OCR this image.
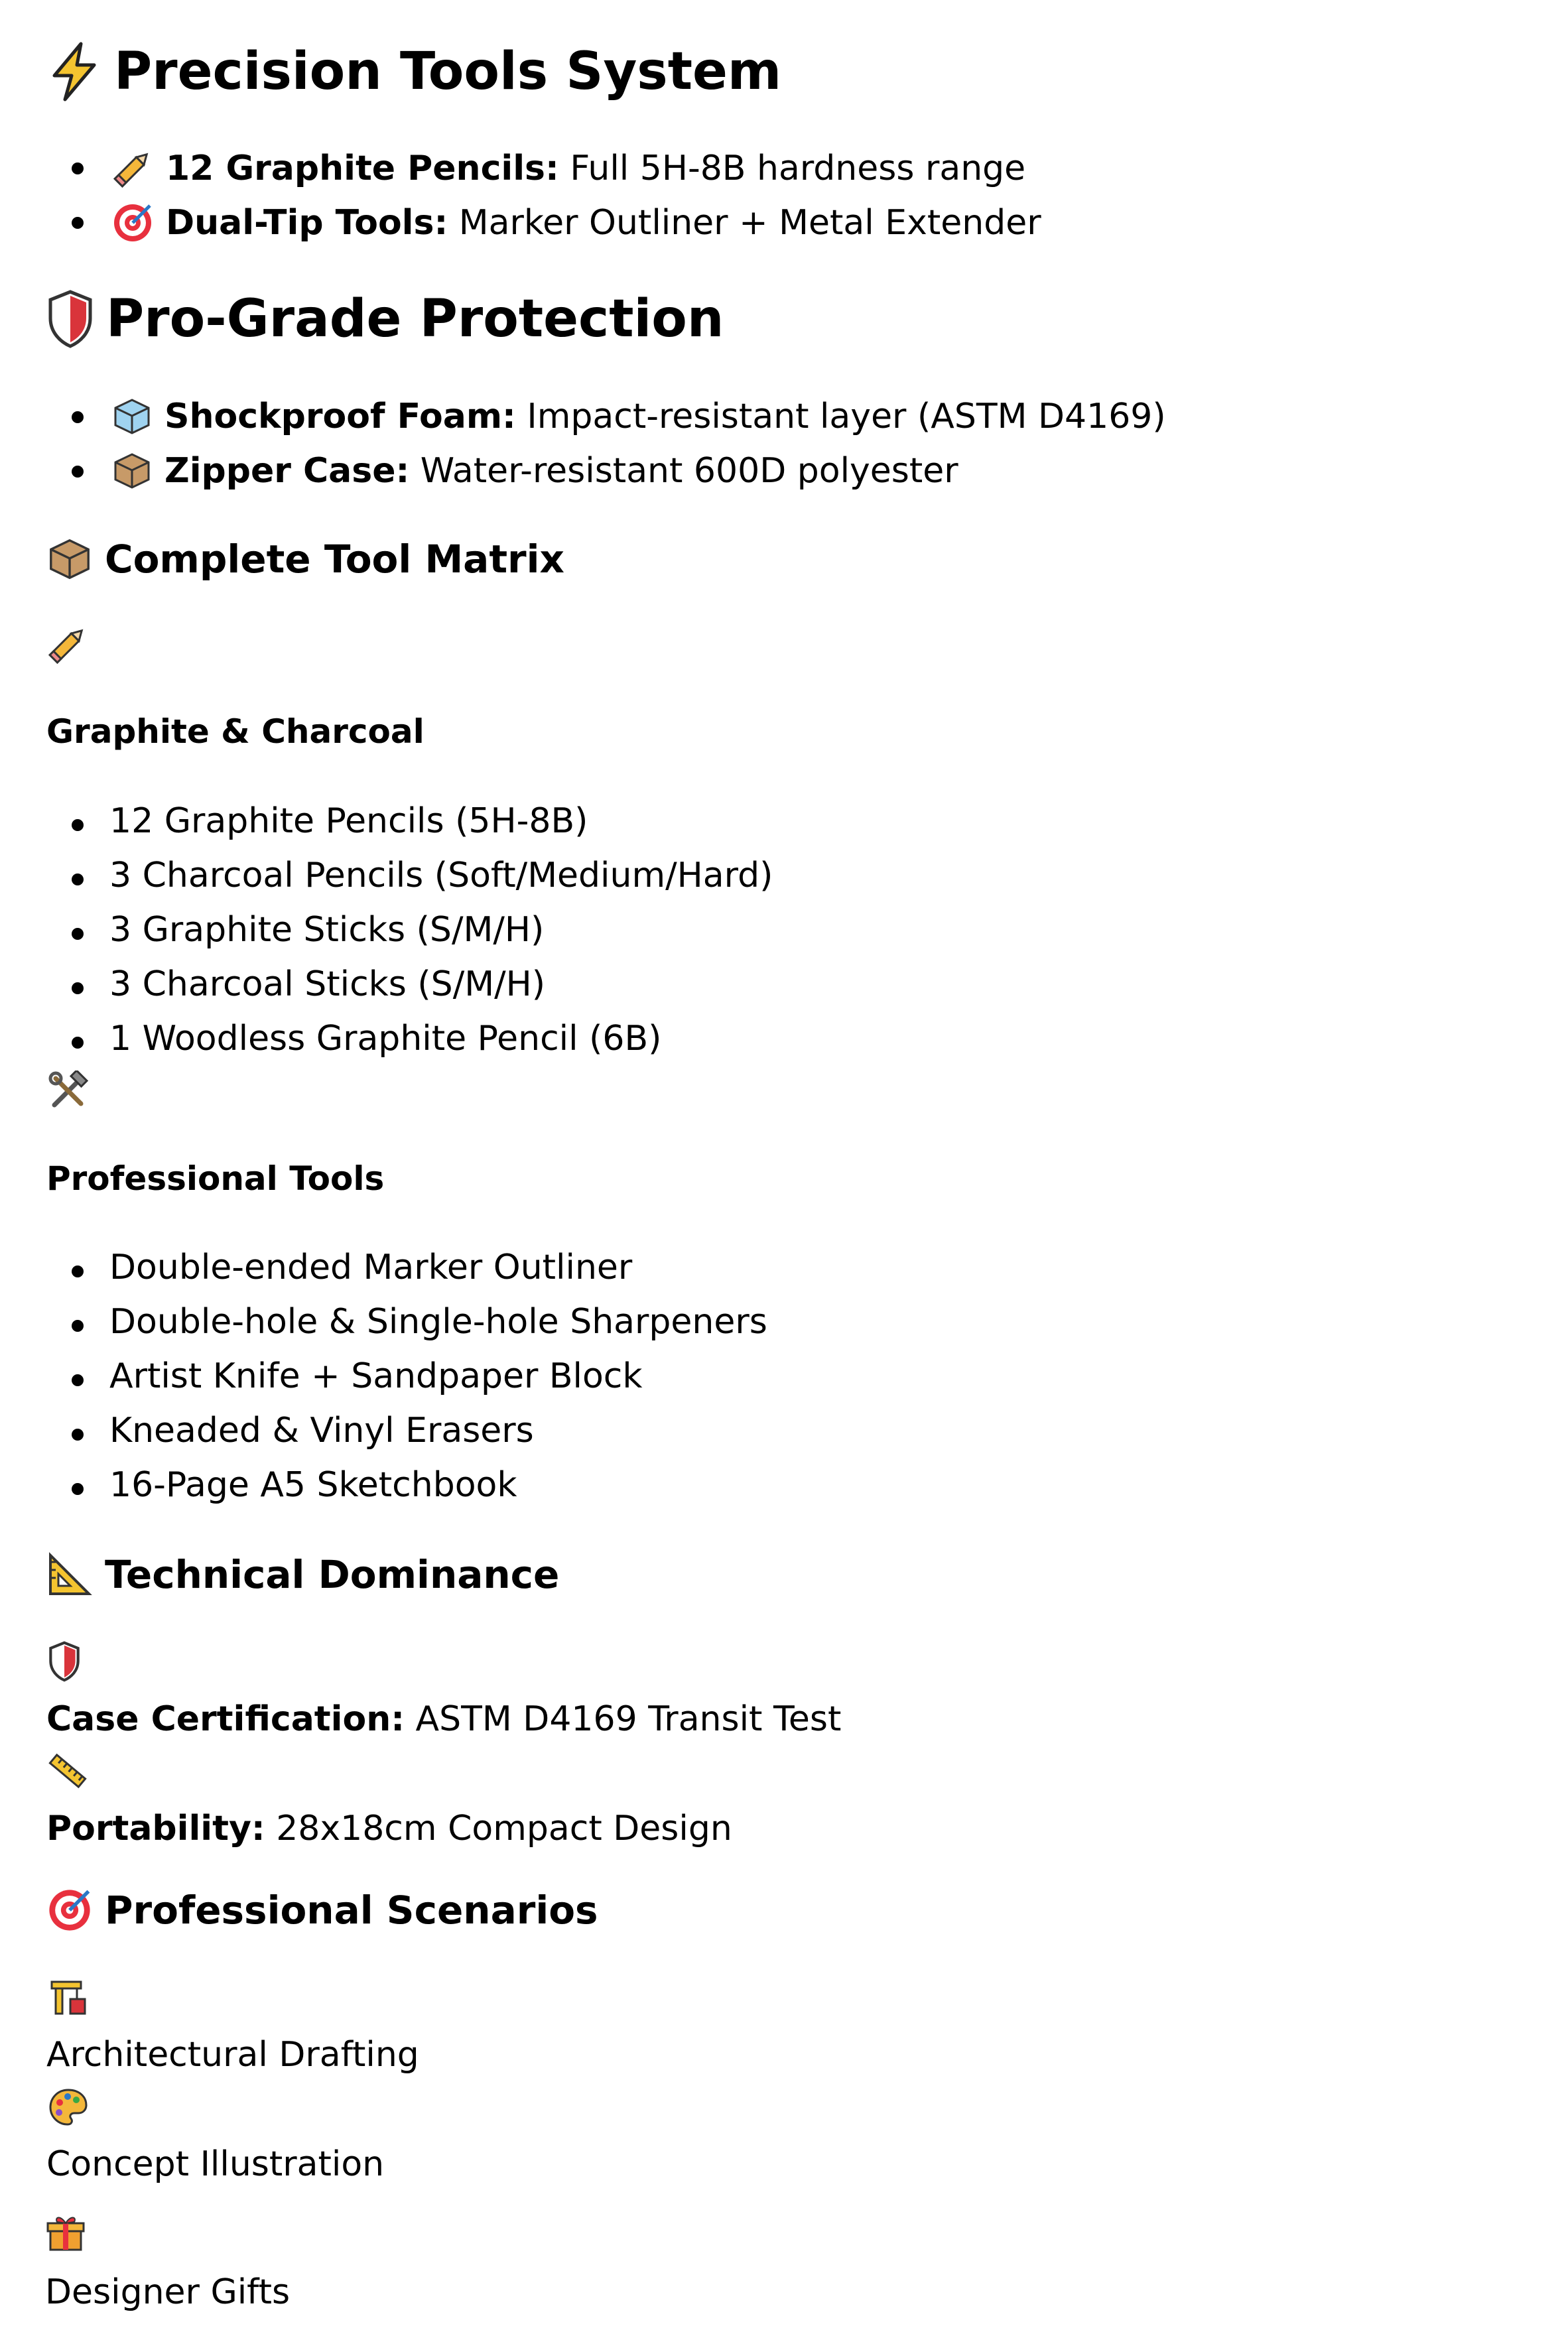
Precision Tools System
12 Graphite Pencils: Full 5H-8B hardness range
Dual-Tip Tools: Marker Outliner + Metal Extender
Pro-Grade Protection
Shockproof Foam: Impact-resistant layer (ASTM D4169)
Zipper Case: Water-resistant 600D polyester
Complete Tool Matrix
Graphite & Charcoal
12 Graphite Pencils (5H-8B)
3 Charcoal Pencils (Soft/Medium/Hard)
3 Graphite Sticks (S/M/H)
3 Charcoal Sticks (S/M/H)
1 Woodless Graphite Pencil (6B)
Professional Tools
Double-ended Marker Outliner
Double-hole & Single-hole Sharpeners
Artist Knife + Sandpaper Block
Kneaded & Vinyl Erasers
16-Page A5 Sketchbook
Technical Dominance
Case Certification: ASTM D4169 Transit Test
Portability: 28x18cm Compact Design
Professional Scenarios
Architectural Drafting
Concept Illustration
Designer Gifts
